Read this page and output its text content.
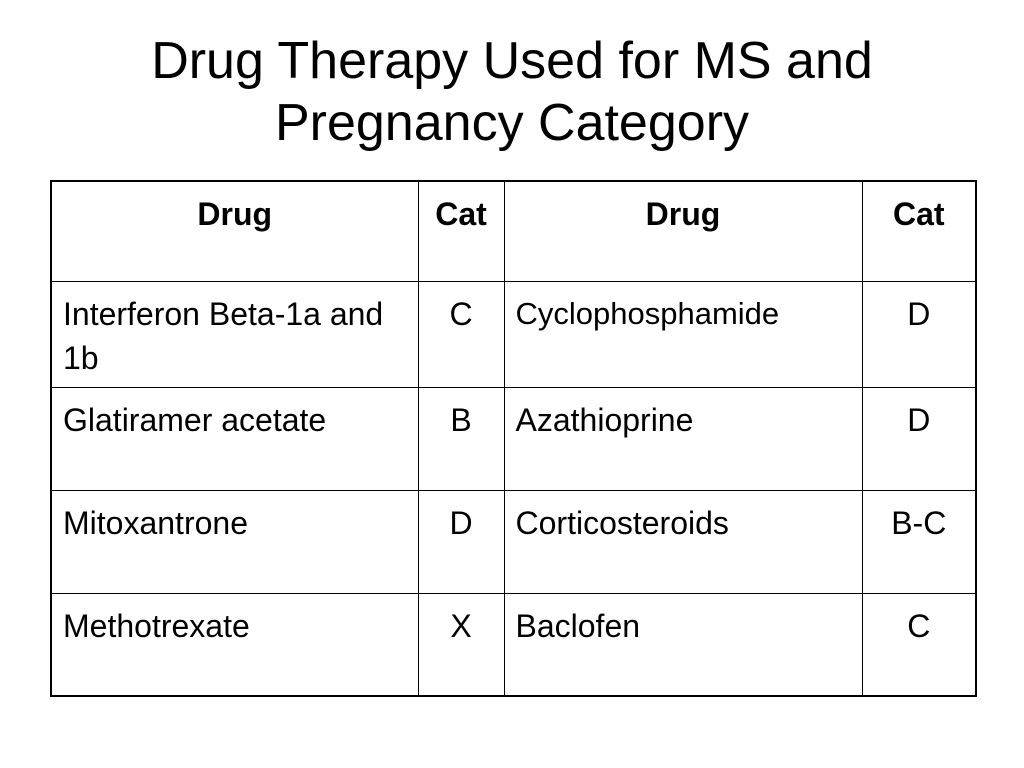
Drug Therapy Used for MS and
Pregnancy Category
Drug	Cat	Drug	Cat
Interferon Beta-1a and 1b	C	Cyclophosphamide	D
Glatiramer acetate	B	Azathioprine	D
Mitoxantrone	D	Corticosteroids	B-C
Methotrexate	X	Baclofen	C
